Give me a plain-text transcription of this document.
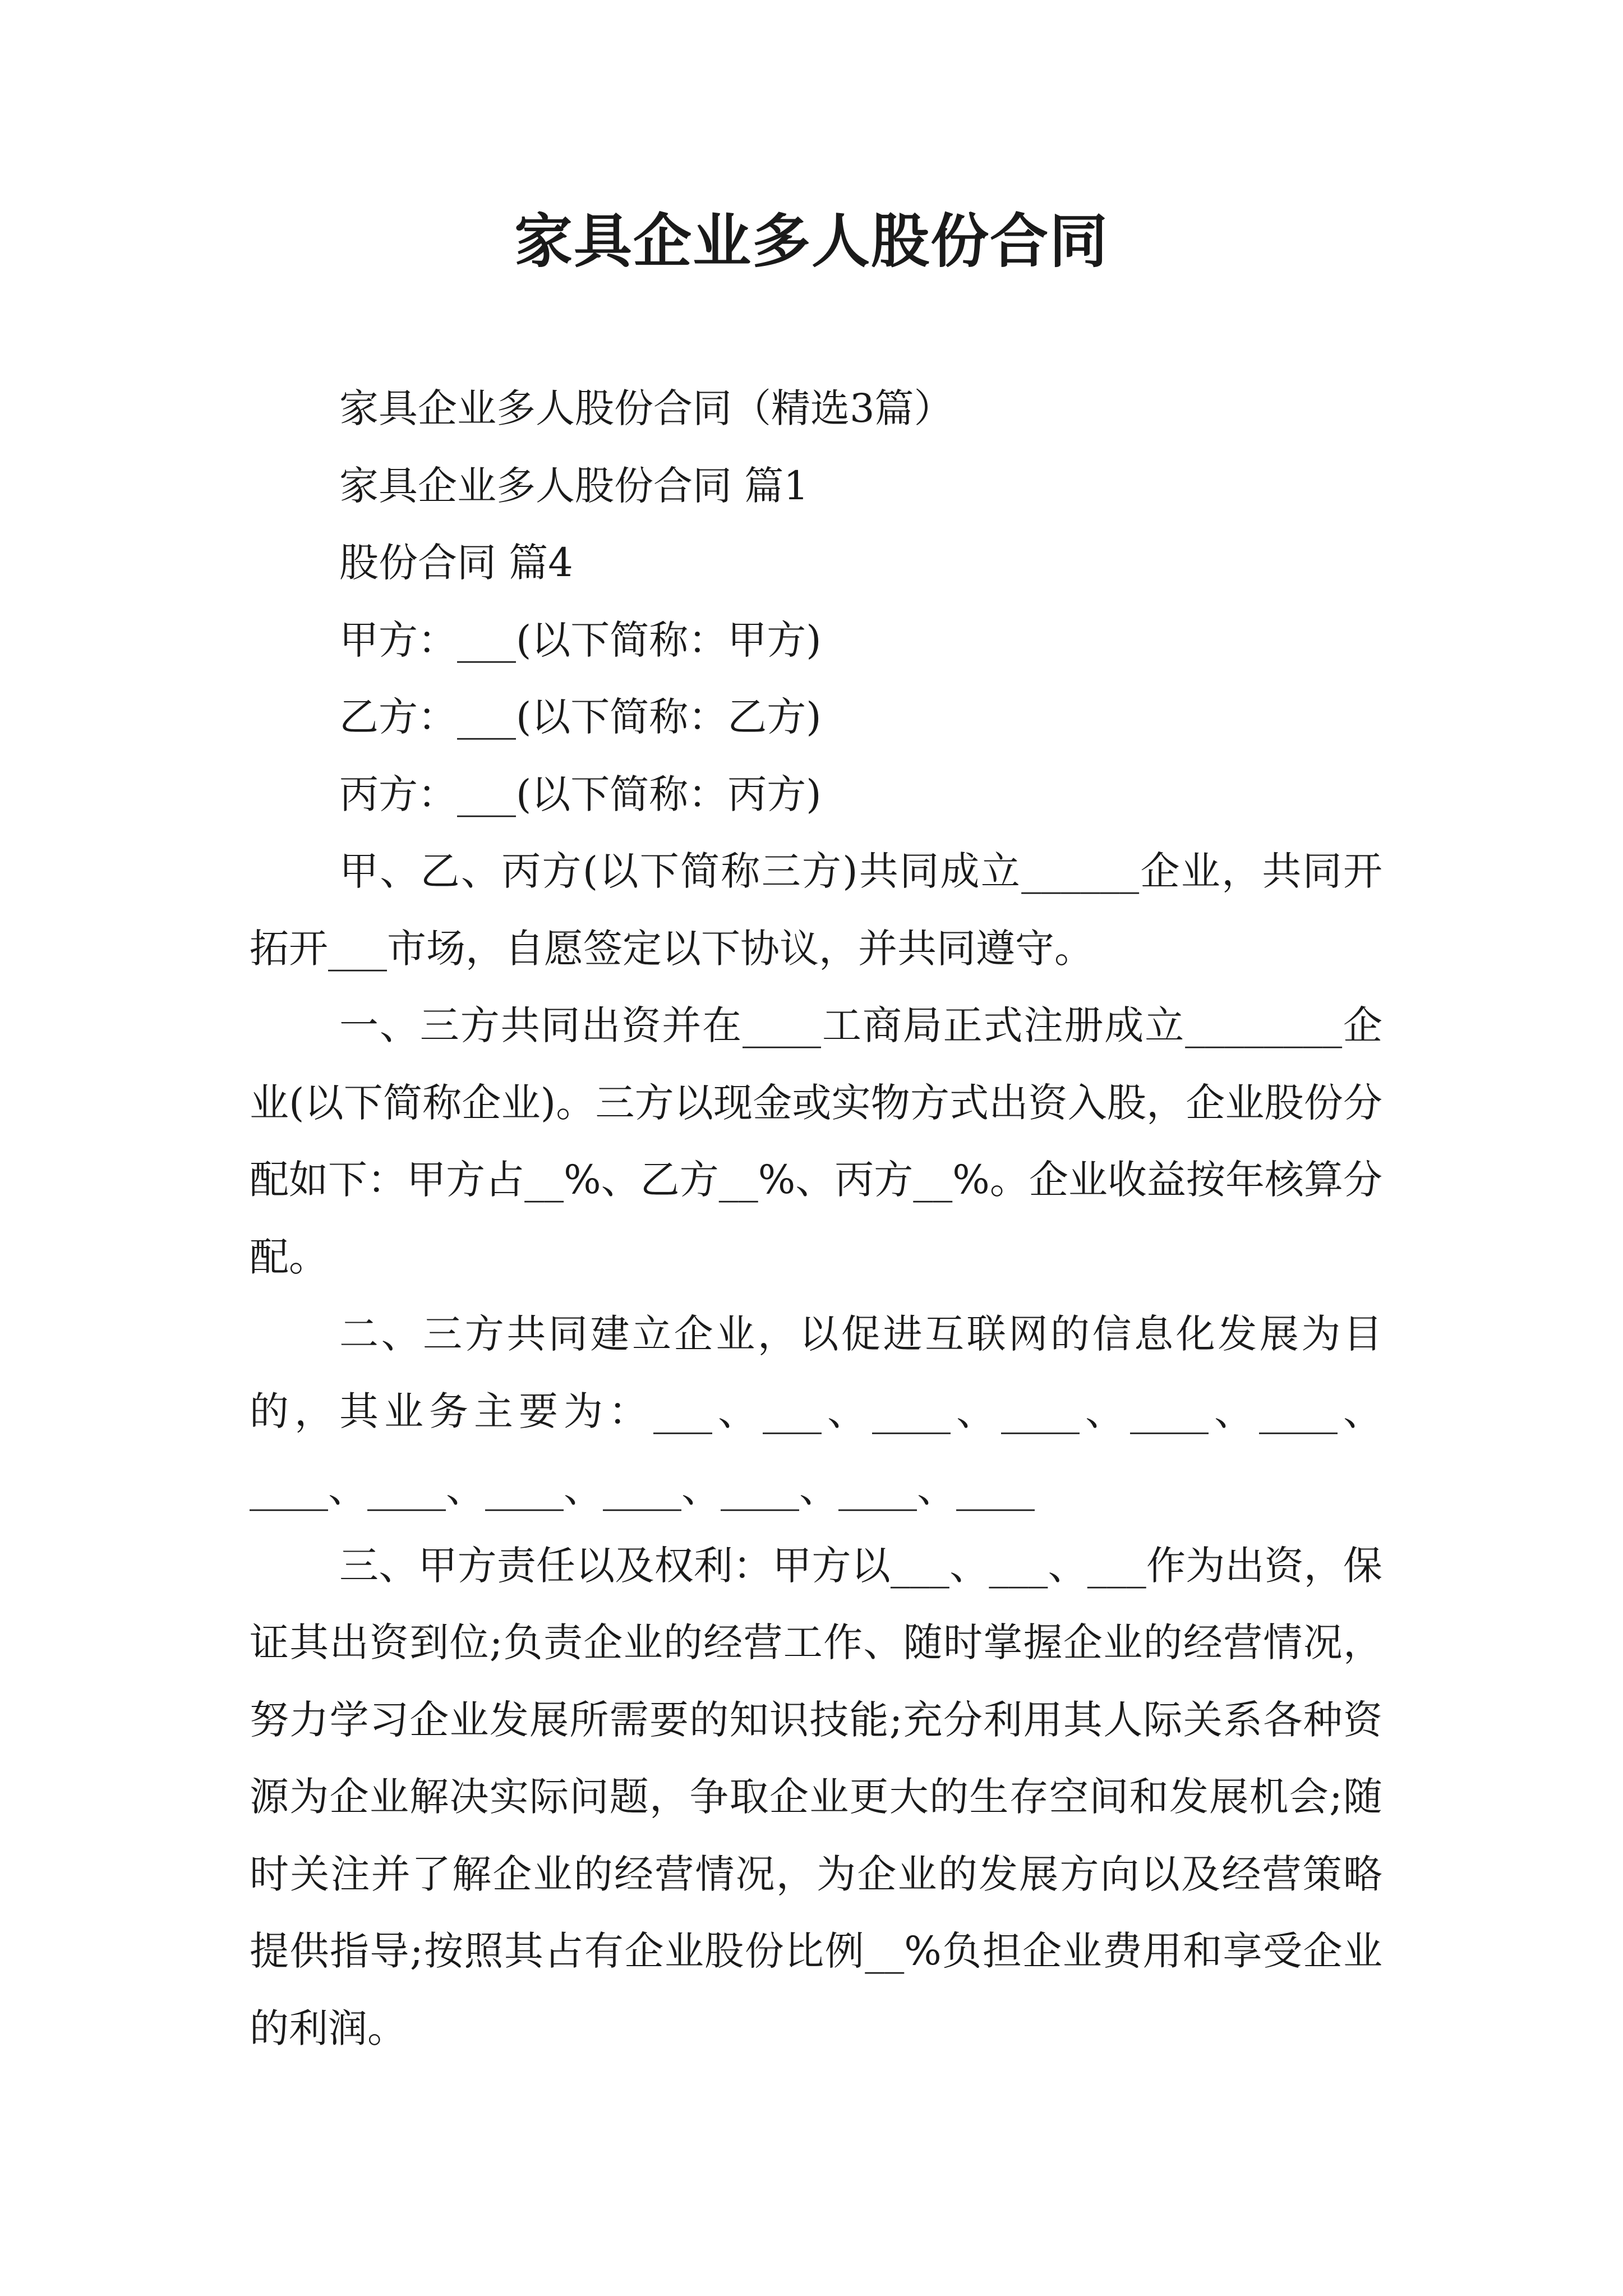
家具企业多人股份合同

家具企业多人股份合同（精选3篇）

家具企业多人股份合同 篇1

股份合同 篇4

甲方：___(以下简称：甲方)

乙方：___(以下简称：乙方)

丙方：___(以下简称：丙方)

甲、乙、丙方(以下简称三方)共同成立______企业，共同开拓开___市场，自愿签定以下协议，并共同遵守。

一、三方共同出资并在____工商局正式注册成立________企业(以下简称企业)。三方以现金或实物方式出资入股，企业股份分配如下：甲方占__%、乙方__%、丙方__%。企业收益按年核算分配。

二、三方共同建立企业，以促进互联网的信息化发展为目的，其业务主要为：___、___、____、____、____、____、____、____、____、____、____、____、____

三、甲方责任以及权利：甲方以___、___、___作为出资，保证其出资到位;负责企业的经营工作、随时掌握企业的经营情况，努力学习企业发展所需要的知识技能;充分利用其人际关系各种资源为企业解决实际问题，争取企业更大的生存空间和发展机会;随时关注并了解企业的经营情况，为企业的发展方向以及经营策略提供指导;按照其占有企业股份比例__%负担企业费用和享受企业的利润。
